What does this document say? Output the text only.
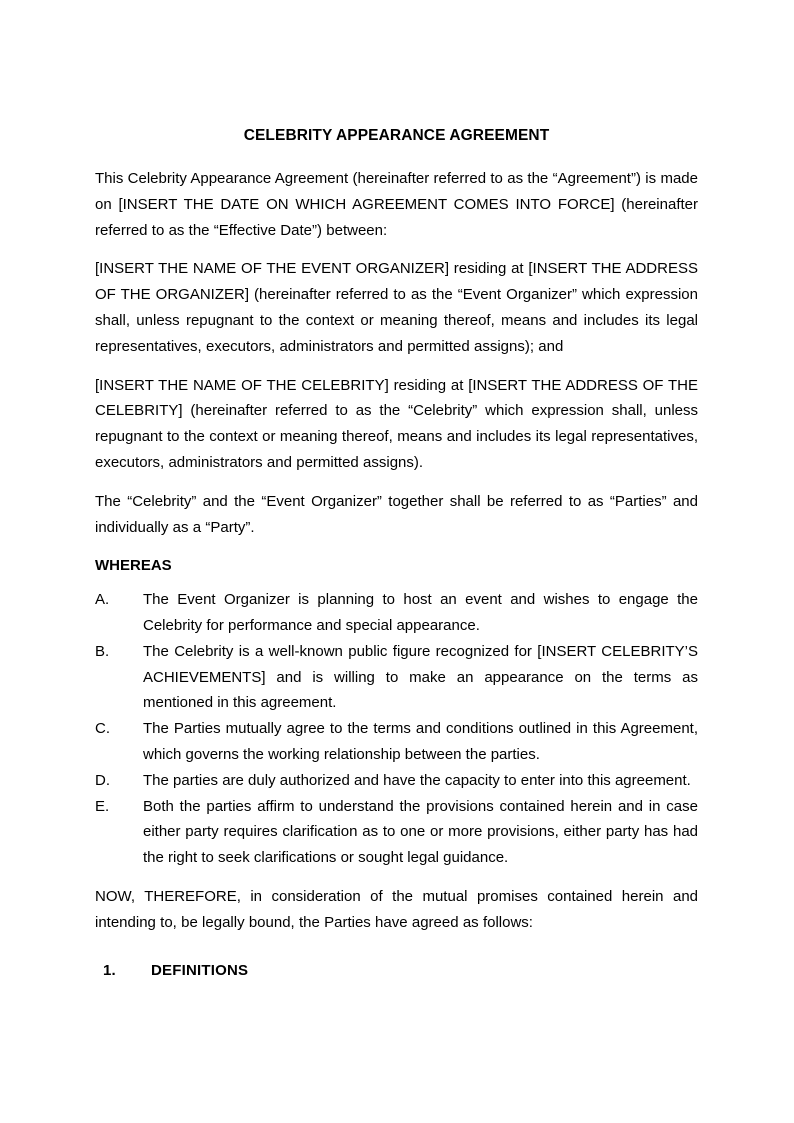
CELEBRITY APPEARANCE AGREEMENT

This Celebrity Appearance Agreement (hereinafter referred to as the “Agreement”) is made on [INSERT THE DATE ON WHICH AGREEMENT COMES INTO FORCE] (hereinafter referred to as the “Effective Date”) between:

[INSERT THE NAME OF THE EVENT ORGANIZER] residing at [INSERT THE ADDRESS OF THE ORGANIZER] (hereinafter referred to as the “Event Organizer” which expression shall, unless repugnant to the context or meaning thereof, means and includes its legal representatives, executors, administrators and permitted assigns); and

[INSERT THE NAME OF THE CELEBRITY] residing at [INSERT THE ADDRESS OF THE CELEBRITY] (hereinafter referred to as the “Celebrity” which expression shall, unless repugnant to the context or meaning thereof, means and includes its legal representatives, executors, administrators and permitted assigns).

The “Celebrity” and the “Event Organizer” together shall be referred to as “Parties” and individually as a “Party”.

WHEREAS
A.	The Event Organizer is planning to host an event and wishes to engage the Celebrity for performance and special appearance.
B.	The Celebrity is a well-known public figure recognized for [INSERT CELEBRITY’S ACHIEVEMENTS] and is willing to make an appearance on the terms as mentioned in this agreement.
C.	The Parties mutually agree to the terms and conditions outlined in this Agreement, which governs the working relationship between the parties.
D.	The parties are duly authorized and have the capacity to enter into this agreement.
E.	Both the parties affirm to understand the provisions contained herein and in case either party requires clarification as to one or more provisions, either party has had the right to seek clarifications or sought legal guidance.

NOW, THEREFORE, in consideration of the mutual promises contained herein and intending to, be legally bound, the Parties have agreed as follows:

1. DEFINITIONS
